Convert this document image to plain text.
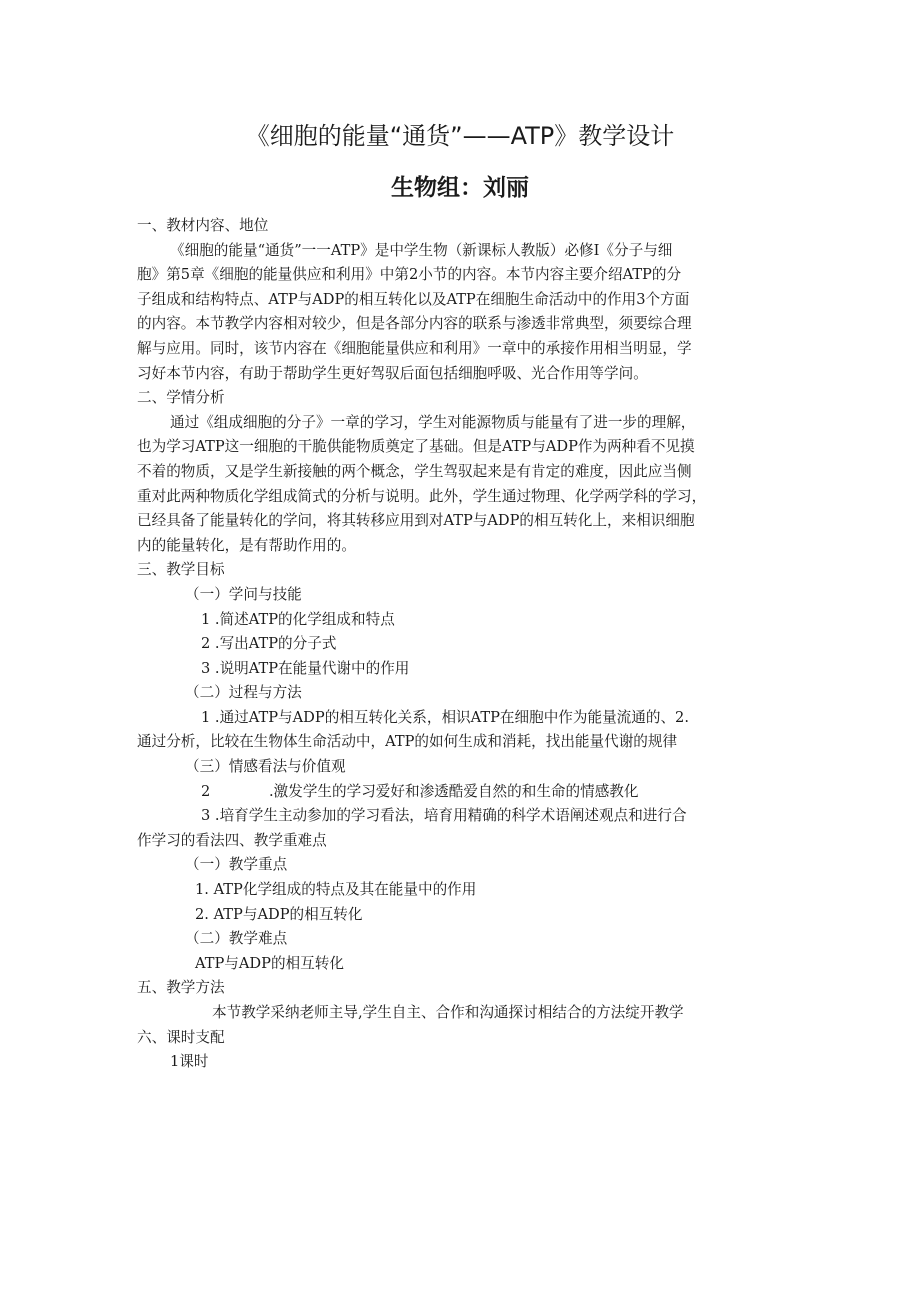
《细胞的能量“通货”——ATP》教学设计
生物组：刘丽
一、教材内容、地位
《细胞的能量“通货”一一ATP》是中学生物（新课标人教版）必修Ⅰ《分子与细
胞》第5章《细胞的能量供应和利用》中第2小节的内容。本节内容主要介绍ATP的分
子组成和结构特点、ATP与ADP的相互转化以及ATP在细胞生命活动中的作用3个方面
的内容。本节教学内容相对较少，但是各部分内容的联系与渗透非常典型，须要综合理
解与应用。同时，该节内容在《细胞能量供应和利用》一章中的承接作用相当明显，学
习好本节内容，有助于帮助学生更好驾驭后面包括细胞呼吸、光合作用等学问。
二、学情分析
通过《组成细胞的分子》一章的学习，学生对能源物质与能量有了进一步的理解，
也为学习ATP这一细胞的干脆供能物质奠定了基础。但是ATP与ADP作为两种看不见摸
不着的物质，又是学生新接触的两个概念，学生驾驭起来是有肯定的难度，因此应当侧
重对此两种物质化学组成简式的分析与说明。此外，学生通过物理、化学两学科的学习，
已经具备了能量转化的学问，将其转移应用到对ATP与ADP的相互转化上，来相识细胞
内的能量转化，是有帮助作用的。
三、教学目标
（一）学问与技能
1 .简述ATP的化学组成和特点
2 .写出ATP的分子式
3 .说明ATP在能量代谢中的作用
（二）过程与方法
1 .通过ATP与ADP的相互转化关系，相识ATP在细胞中作为能量流通的、2.
通过分析，比较在生物体生命活动中，ATP的如何生成和消耗，找出能量代谢的规律
（三）情感看法与价值观
2	.激发学生的学习爱好和渗透酷爱自然的和生命的情感教化
3 .培育学生主动参加的学习看法，培育用精确的科学术语阐述观点和进行合
作学习的看法四、教学重难点
（一）教学重点
1. ATP化学组成的特点及其在能量中的作用
2. ATP与ADP的相互转化
（二）教学难点
ATP与ADP的相互转化
五、教学方法
本节教学采纳老师主导,学生自主、合作和沟通探讨相结合的方法绽开教学
六、课时支配
1课时
